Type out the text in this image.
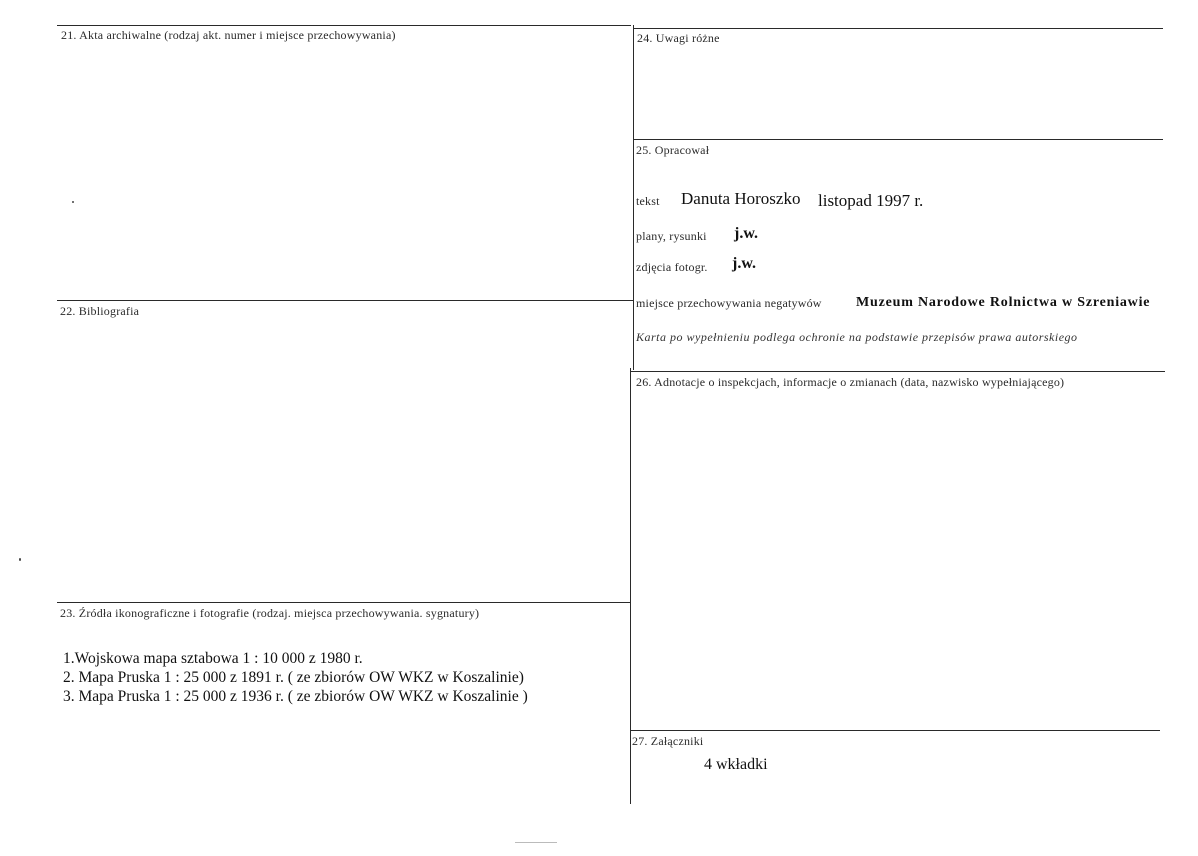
21. Akta archiwalne (rodzaj akt. numer i miejsce przechowywania)
22. Bibliografia
23. Źródła ikonograficzne i fotografie (rodzaj. miejsca przechowywania. sygnatury)
1.Wojskowa mapa sztabowa 1 : 10 000 z 1980 r.
2. Mapa Pruska 1 : 25 000 z 1891 r. ( ze zbiorów OW WKZ w Koszalinie)
3. Mapa Pruska 1 : 25 000 z 1936 r. ( ze zbiorów OW WKZ w Koszalinie )
24. Uwagi różne
25. Opracował
tekst Danuta Horoszko listopad 1997 r.
plany, rysunki j.w.
zdjęcia fotogr. j.w.
miejsce przechowywania negatywów Muzeum Narodowe Rolnictwa w Szreniawie
Karta po wypełnieniu podlega ochronie na podstawie przepisów prawa autorskiego
26. Adnotacje o inspekcjach, informacje o zmianach (data, nazwisko wypełniającego)
27. Załączniki
4 wkładki
